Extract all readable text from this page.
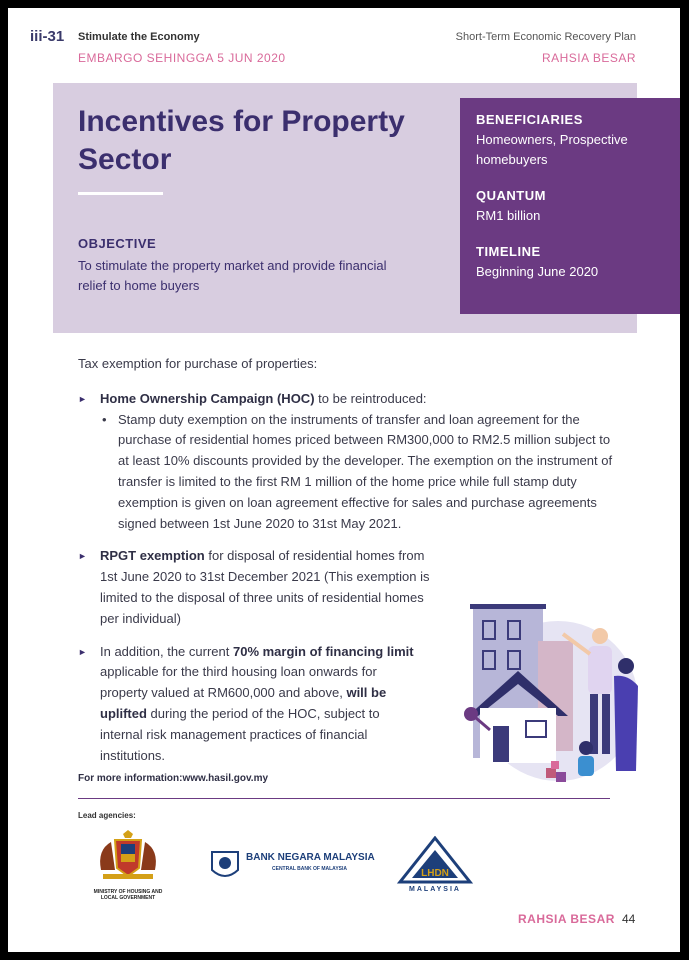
iii-31 Stimulate the Economy	Short-Term Economic Recovery Plan
EMBARGO SEHINGGA 5 JUN 2020	RAHSIA BESAR
Incentives for Property Sector
OBJECTIVE
To stimulate the property market and provide financial relief to home buyers
BENEFICIARIES
Homeowners, Prospective homebuyers
QUANTUM
RM1 billion
TIMELINE
Beginning June 2020
Tax exemption for purchase of properties:
► Home Ownership Campaign (HOC) to be reintroduced:
• Stamp duty exemption on the instruments of transfer and loan agreement for the purchase of residential homes priced between RM300,000 to RM2.5 million subject to at least 10% discounts provided by the developer. The exemption on the instrument of transfer is limited to the first RM 1 million of the home price while full stamp duty exemption is given on loan agreement effective for sales and purchase agreements signed between 1st June 2020 to 31st May 2021.
► RPGT exemption for disposal of residential homes from 1st June 2020 to 31st December 2021 (This exemption is limited to the disposal of three units of residential homes per individual)
► In addition, the current 70% margin of financing limit applicable for the third housing loan onwards for property valued at RM600,000 and above, will be uplifted during the period of the HOC, subject to internal risk management practices of financial institutions.
For more information:www.hasil.gov.my
Lead agencies:
MINISTRY OF HOUSING AND LOCAL GOVERNMENT
BANK NEGARA MALAYSIA
CENTRAL BANK OF MALAYSIA	LHDN
MALAYSIA
RAHSIA BESAR 44
